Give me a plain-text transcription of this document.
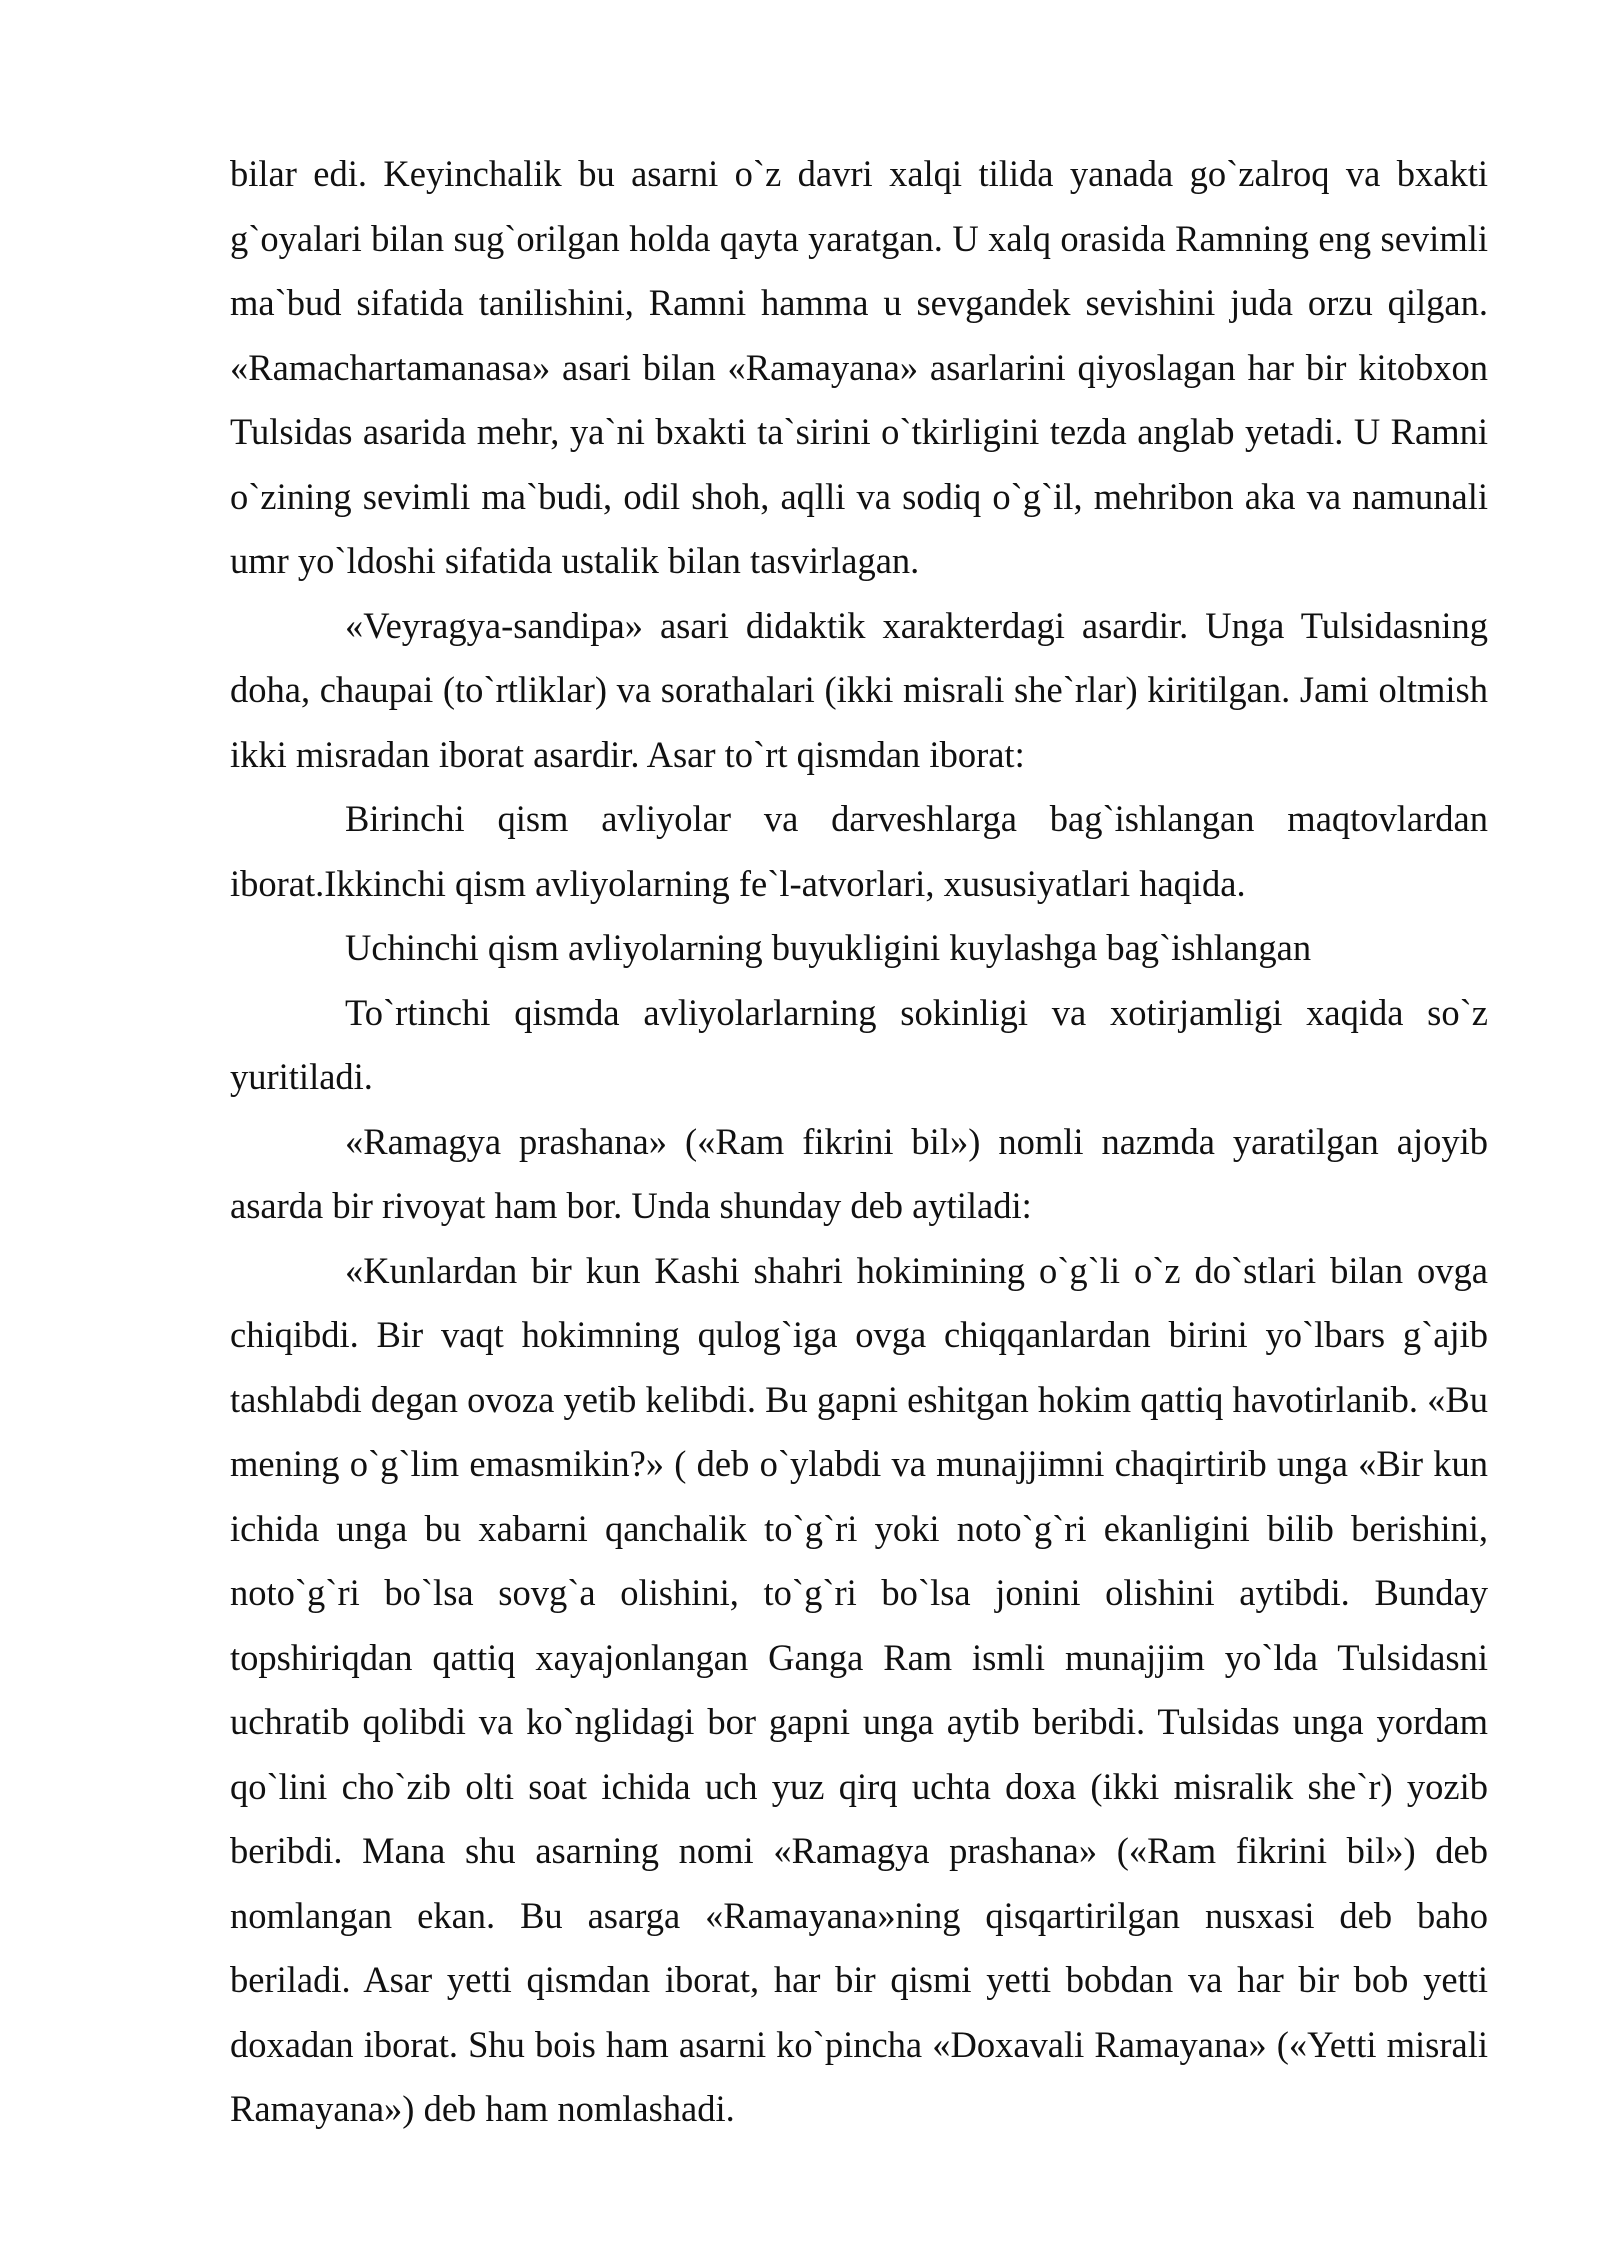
bilar edi. Keyinchalik bu asarni o`z davri xalqi tilida yanada go`zalroq va bxakti g`oyalari bilan sug`orilgan holda qayta yaratgan. U xalq orasida Ramning eng sevimli ma`bud sifatida tanilishini, Ramni hamma u sevgandek sevishini juda orzu qilgan. «Ramachartamanasa» asari bilan «Ramayana» asarlarini qiyoslagan har bir kitobxon Tulsidas asarida mehr, ya`ni bxakti ta`sirini o`tkirligini tezda anglab yetadi. U Ramni o`zining sevimli ma`budi, odil shoh, aqlli va sodiq o`g`il, mehribon aka va namunali umr yo`ldoshi sifatida ustalik bilan tasvirlagan.

«Veyragya-sandipa» asari didaktik xarakterdagi asardir. Unga Tulsidasning doha, chaupai (to`rtliklar) va sorathalari (ikki misrali she`rlar) kiritilgan. Jami oltmish ikki misradan iborat asardir. Asar to`rt qismdan iborat:

Birinchi qism avliyolar va darveshlarga bag`ishlangan maqtovlardan iborat.Ikkinchi qism avliyolarning fe`l-atvorlari, xususiyatlari haqida.

Uchinchi qism avliyolarning buyukligini kuylashga bag`ishlangan

To`rtinchi qismda avliyolarlarning sokinligi va xotirjamligi xaqida so`z yuritiladi.

«Ramagya prashana» («Ram fikrini bil») nomli nazmda yaratilgan ajoyib asarda bir rivoyat ham bor. Unda shunday deb aytiladi:

«Kunlardan bir kun Kashi shahri hokimining o`g`li o`z do`stlari bilan ovga chiqibdi. Bir vaqt hokimning qulog`iga ovga chiqqanlardan birini yo`lbars g`ajib tashlabdi degan ovoza yetib kelibdi. Bu gapni eshitgan hokim qattiq havotirlanib. «Bu mening o`g`lim emasmikin?» ( deb o`ylabdi va munajjimni chaqirtirib unga «Bir kun ichida unga bu xabarni qanchalik to`g`ri yoki noto`g`ri ekanligini bilib berishini, noto`g`ri bo`lsa sovg`a olishini, to`g`ri bo`lsa jonini olishini aytibdi. Bunday topshiriqdan qattiq xayajonlangan Ganga Ram ismli munajjim yo`lda Tulsidasni uchratib qolibdi va ko`nglidagi bor gapni unga aytib beribdi. Tulsidas unga yordam qo`lini cho`zib olti soat ichida uch yuz qirq uchta doxa (ikki misralik she`r) yozib beribdi. Mana shu asarning nomi «Ramagya prashana» («Ram fikrini bil») deb nomlangan ekan. Bu asarga «Ramayana»ning qisqartirilgan nusxasi deb baho beriladi. Asar yetti qismdan iborat, har bir qismi yetti bobdan va har bir bob yetti doxadan iborat. Shu bois ham asarni ko`pincha «Doxavali Ramayana» («Yetti misrali Ramayana») deb ham nomlashadi.
